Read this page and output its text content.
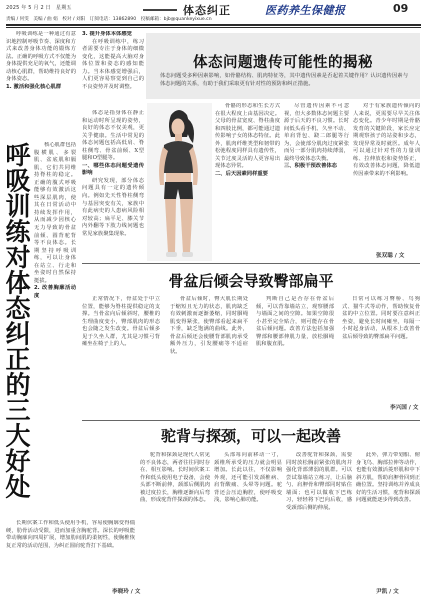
2025 年 5 月 2 日　星期五	体态纠正	医药养生保健报	09
责编 / 何雯　美编 / 曲 娟　校对 / 刘阳　订阅电话：13862890　投稿邮箱：bjb@quankeyixue.cn

呼吸训练是一种通过有意识地控制呼吸节奏、深度和方式来改善身体功能的锻炼方法。正确的呼吸方式不仅能为身体提供充足的氧气，还能调动核心肌群，帮助维持良好的身体姿态。

1. 激活和强化核心肌群
呼吸训练对体态纠正的三大好处	核心肌群包括腹横肌、多裂肌、盆底肌和膈肌，它们共同维持脊柱的稳定。正确的腹式呼吸能够有效激活这些深层肌肉，使其在日常活动中持续发挥作用，从而减少因核心无力导致的骨盆前倾、圆背驼背等不良体态。长期坚持呼吸训练，可以让身体在站立、行走和坐姿时自然保持挺拔。

2. 改善胸廓活动度

长期伏案工作和低头使用手机，容易使胸廓变得僵硬，肋骨活动受限，进而加重含胸驼背。深长的呼吸能带动胸廓向四周扩展，增加肋间肌的柔韧性，使胸椎恢复正常的活动范围，为纠正圆肩驼背打下基础。

李晓玲 / 文
3. 提升身体本体感觉

在呼吸训练中，练习者需要专注于身体的细微变化，这能提高大脑对身体位置和姿态的感知能力。当本体感觉增强后，人们更容易察觉到自己的不良姿势并及时调整。

体态问题遗传可能性的揭秘
体态问题受多种因素影响，如骨骼结构、肌肉特征等，其中遗传因素是否起着关键作用？认识遗传因素与体态问题的关系，有助于我们采取更有针对性的预防和纠正措施。

体态是指身体在静止和运动时所呈现的姿势，良好的体态不仅美观，更关乎健康。生活中常见的体态问题包括高低肩、脊柱侧弯、骨盆前倾、X型腿和O型腿等。

一、哪些体态问题受遗传影响

研究发现，部分体态问题具有一定的遗传倾向。例如先天性脊柱侧弯与基因突变有关，家族中有此病史的人患病风险相对较高；扁平足、膝关节内外翻等下肢力线问题也常见家族聚集现象。

骨骼的形态和生长方式在很大程度上由基因决定。父母的骨盆宽度、脊柱曲度和四肢比例，都可能通过遗传影响子女的体态特征。此外，肌肉纤维类型和韧带的松弛程度同样具有遗传性，关节过度灵活的人更容易出现体态异常。

二、后天因素同样重要

尽管遗传因素不可忽视，但大多数体态问题主要源于后天的不良习惯。长时间低头看手机、久坐不动、单肩背包、跷二郎腿等行为，会使部分肌肉过度紧张而另一部分肌肉持续薄弱，最终导致体态失衡。

三、积极干预改善体态

对于有家族遗传倾向的人来说，更需要尽早关注体态变化。青少年时期是骨骼发育的关键阶段，家长应定期观察孩子的站姿和步态，发现异常及时就医。成年人可以通过针对性的力量训练、拉伸放松和姿势矫正，有效改善体态问题，降低遗传因素带来的不利影响。

张双聪 / 文
骨盆后倾会导致臀部扁平

正常情况下，骨盆处于中立位置，能够为脊柱提供稳定的支撑。当骨盆向后倾斜时，腰椎的生理曲度变小，臀部肌肉的形态也会随之发生改变。骨盆后倾多见于久坐人群，尤其是习惯弓背瘫坐在椅子上的人。

骨盆后倾时，臀大肌长期处于缩短且无力的状态，肌肉缺乏有效刺激而逐渐萎缩，同时腘绳肌变得紧张，使臀部看起来扁平下垂，缺乏饱满的曲线。此外，骨盆后倾还会使腰背部肌肉承受额外压力，引发腰痛等不适症状。

判断自己是否存在骨盆后倾，可以背靠墙站立，观察腰部与墙面之间的空隙。如果空隙很小甚至完全贴合，则可能存在骨盆后倾问题。改善方法包括加强臀部和腰部伸肌力量，放松腘绳肌和腹直肌。

日常可以练习臀桥、鸟狗式、猫牛式等动作，帮助恢复骨盆的中立位置。同时要注意纠正坐姿，避免长时间瘫坐，每隔一小时起身活动，从根本上改善骨盆后倾导致的臀部扁平问题。

李兴国 / 文
驼背与探颈，可以一起改善

驼背和探颈是现代人常见的不良体态，两者往往同时存在、相互影响。长时间伏案工作和低头使用电子设备，会使头部不断前伸，颈部后侧肌肉被过度拉长，胸椎逐渐向后弯曲，形成驼背伴探颈的体态。

头部每向前移动一寸，颈椎所承受的压力就会明显增加。长此以往，不仅影响外观，还可能引发颈椎病、肩背酸痛、头晕等问题。驼背还会压迫胸腔，使呼吸变浅，影响心肺功能。

改善驼背和探颈，需要同时放松胸前紧张的肌肉并强化背部薄弱的肌群。可以尝试靠墙站立练习，让后脑勺、肩胛骨和臀部同时贴住墙面；也可以做收下巴练习，轻轻将下巴向后收，感受颈部后侧的伸展。

此外，弹力带划船、俯身飞鸟、胸部拉伸等动作，也能有效激活菱形肌和中下斜方肌，帮助肩胛骨回到正确位置。坚持训练并养成良好的生活习惯，驼背和探颈问题就能逐步得到改善。

尹凯 / 文
